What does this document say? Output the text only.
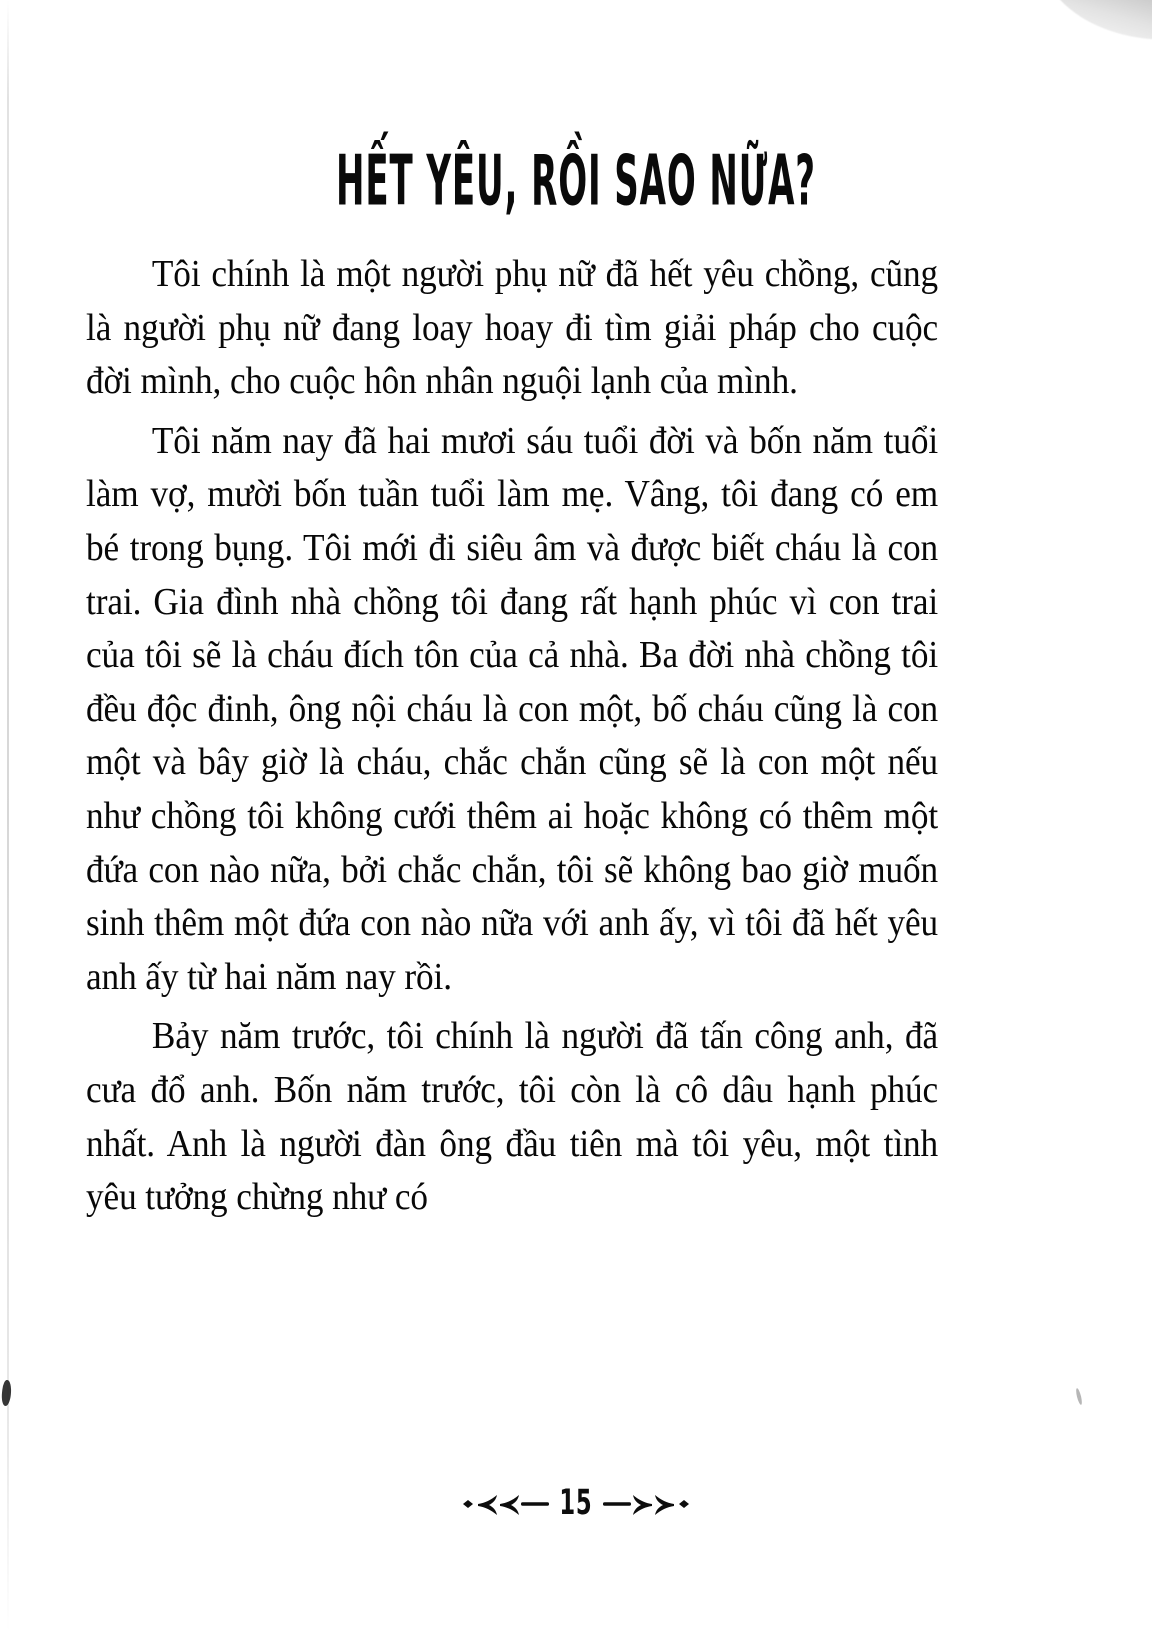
HẾT YÊU, RỒI SAO NỮA?

Tôi chính là một người phụ nữ đã hết yêu chồng, cũng là người phụ nữ đang loay hoay đi tìm giải pháp cho cuộc đời mình, cho cuộc hôn nhân nguội lạnh của mình.

Tôi năm nay đã hai mươi sáu tuổi đời và bốn năm tuổi làm vợ, mười bốn tuần tuổi làm mẹ. Vâng, tôi đang có em bé trong bụng. Tôi mới đi siêu âm và được biết cháu là con trai. Gia đình nhà chồng tôi đang rất hạnh phúc vì con trai của tôi sẽ là cháu đích tôn của cả nhà. Ba đời nhà chồng tôi đều độc đinh, ông nội cháu là con một, bố cháu cũng là con một và bây giờ là cháu, chắc chắn cũng sẽ là con một nếu như chồng tôi không cưới thêm ai hoặc không có thêm một đứa con nào nữa, bởi chắc chắn, tôi sẽ không bao giờ muốn sinh thêm một đứa con nào nữa với anh ấy, vì tôi đã hết yêu anh ấy từ hai năm nay rồi.

Bảy năm trước, tôi chính là người đã tấn công anh, đã cưa đổ anh. Bốn năm trước, tôi còn là cô dâu hạnh phúc nhất. Anh là người đàn ông đầu tiên mà tôi yêu, một tình yêu tưởng chừng như có

15
